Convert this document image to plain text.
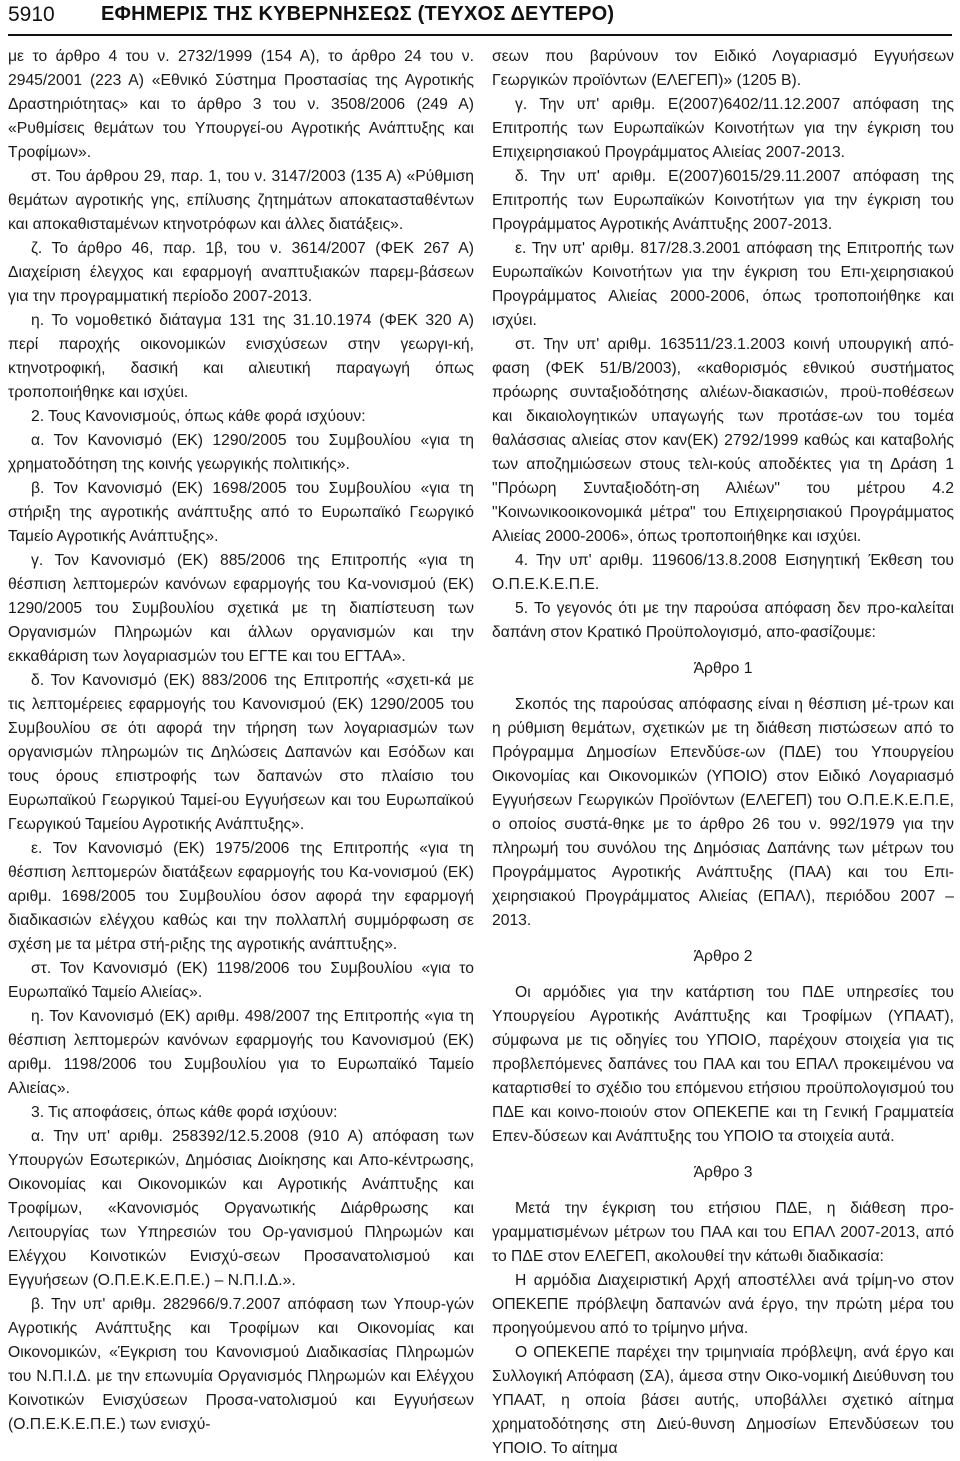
5910 ΕΦΗΜΕΡΙΣ ΤΗΣ ΚΥΒΕΡΝΗΣΕΩΣ (ΤΕΥΧΟΣ ΔΕΥΤΕΡΟ)

με το άρθρο 4 του ν. 2732/1999 (154 Α), το άρθρο 24 του ν. 2945/2001 (223 Α) «Εθνικό Σύστημα Προστασίας της Αγροτικής Δραστηριότητας» και το άρθρο 3 του ν. 3508/2006 (249 Α) «Ρυθμίσεις θεμάτων του Υπουργεί-ου Αγροτικής Ανάπτυξης και Τροφίμων».

στ. Του άρθρου 29, παρ. 1, του ν. 3147/2003 (135 Α) «Ρύθμιση θεμάτων αγροτικής γης, επίλυσης ζητημάτων αποκατασταθέντων και αποκαθισταμένων κτηνοτρόφων και άλλες διατάξεις».

ζ. Το άρθρο 46, παρ. 1β, του ν. 3614/2007 (ΦΕΚ 267 Α) Διαχείριση έλεγχος και εφαρμογή αναπτυξιακών παρεμ-βάσεων για την προγραμματική περίοδο 2007-2013.

η. Το νομοθετικό διάταγμα 131 της 31.10.1974 (ΦΕΚ 320 Α) περί παροχής οικονομικών ενισχύσεων στην γεωργι-κή, κτηνοτροφική, δασική και αλιευτική παραγωγή όπως τροποποιήθηκε και ισχύει.

2. Τους Κανονισμούς, όπως κάθε φορά ισχύουν:

α. Τον Κανονισμό (ΕΚ) 1290/2005 του Συμβουλίου «για τη χρηματοδότηση της κοινής γεωργικής πολιτικής».

β. Τον Κανονισμό (ΕΚ) 1698/2005 του Συμβουλίου «για τη στήριξη της αγροτικής ανάπτυξης από το Ευρωπαϊκό Γεωργικό Ταμείο Αγροτικής Ανάπτυξης».

γ. Τον Κανονισμό (ΕΚ) 885/2006 της Επιτροπής «για τη θέσπιση λεπτομερών κανόνων εφαρμογής του Κα-νονισμού (ΕΚ) 1290/2005 του Συμβουλίου σχετικά με τη διαπίστευση των Οργανισμών Πληρωμών και άλλων οργανισμών και την εκκαθάριση των λογαριασμών του ΕΓΤΕ και του ΕΓΤΑΑ».

δ. Τον Κανονισμό (ΕΚ) 883/2006 της Επιτροπής «σχετι-κά με τις λεπτομέρειες εφαρμογής του Κανονισμού (ΕΚ) 1290/2005 του Συμβουλίου σε ότι αφορά την τήρηση των λογαριασμών των οργανισμών πληρωμών τις Δηλώσεις Δαπανών και Εσόδων και τους όρους επιστροφής των δαπανών στο πλαίσιο του Ευρωπαϊκού Γεωργικού Ταμεί-ου Εγγυήσεων και του Ευρωπαϊκού Γεωργικού Ταμείου Αγροτικής Ανάπτυξης».

ε. Τον Κανονισμό (ΕΚ) 1975/2006 της Επιτροπής «για τη θέσπιση λεπτομερών διατάξεων εφαρμογής του Κα-νονισμού (ΕΚ) αριθμ. 1698/2005 του Συμβουλίου όσον αφορά την εφαρμογή διαδικασιών ελέγχου καθώς και την πολλαπλή συμμόρφωση σε σχέση με τα μέτρα στή-ριξης της αγροτικής ανάπτυξης».

στ. Τον Κανονισμό (ΕΚ) 1198/2006 του Συμβουλίου «για το Ευρωπαϊκό Ταμείο Αλιείας».

η. Τον Κανονισμό (ΕΚ) αριθμ. 498/2007 της Επιτροπής «για τη θέσπιση λεπτομερών κανόνων εφαρμογής του Κανονισμού (ΕΚ) αριθμ. 1198/2006 του Συμβουλίου για το Ευρωπαϊκό Ταμείο Αλιείας».

3. Τις αποφάσεις, όπως κάθε φορά ισχύουν:

α. Την υπ' αριθμ. 258392/12.5.2008 (910 Α) απόφαση των Υπουργών Εσωτερικών, Δημόσιας Διοίκησης και Απο-κέντρωσης, Οικονομίας και Οικονομικών και Αγροτικής Ανάπτυξης και Τροφίμων, «Κανονισμός Οργανωτικής Διάρθρωσης και Λειτουργίας των Υπηρεσιών του Ορ-γανισμού Πληρωμών και Ελέγχου Κοινοτικών Ενισχύ-σεων Προσανατολισμού και Εγγυήσεων (Ο.Π.Ε.Κ.Ε.Π.Ε.) – Ν.Π.Ι.Δ.».

β. Την υπ' αριθμ. 282966/9.7.2007 απόφαση των Υπουρ-γών Αγροτικής Ανάπτυξης και Τροφίμων και Οικονομίας και Οικονομικών, «Έγκριση του Κανονισμού Διαδικασίας Πληρωμών του Ν.Π.Ι.Δ. με την επωνυμία Οργανισμός Πληρωμών και Ελέγχου Κοινοτικών Ενισχύσεων Προσα-νατολισμού και Εγγυήσεων (Ο.Π.Ε.Κ.Ε.Π.Ε.) των ενισχύ-

σεων που βαρύνουν τον Ειδικό Λογαριασμό Εγγυήσεων Γεωργικών προϊόντων (ΕΛΕΓΕΠ)» (1205 Β).

γ. Την υπ' αριθμ. Ε(2007)6402/11.12.2007 απόφαση της Επιτροπής των Ευρωπαϊκών Κοινοτήτων για την έγκριση του Επιχειρησιακού Προγράμματος Αλιείας 2007-2013.

δ. Την υπ' αριθμ. Ε(2007)6015/29.11.2007 απόφαση της Επιτροπής των Ευρωπαϊκών Κοινοτήτων για την έγκριση του Προγράμματος Αγροτικής Ανάπτυξης 2007-2013.

ε. Την υπ' αριθμ. 817/28.3.2001 απόφαση της Επιτροπής των Ευρωπαϊκών Κοινοτήτων για την έγκριση του Επι-χειρησιακού Προγράμματος Αλιείας 2000-2006, όπως τροποποιήθηκε και ισχύει.

στ. Την υπ' αριθμ. 163511/23.1.2003 κοινή υπουργική από-φαση (ΦΕΚ 51/Β/2003), «καθορισμός εθνικού συστήματος πρόωρης συνταξιοδότησης αλιέων-διακασιών, προϋ-ποθέσεων και δικαιολογητικών υπαγωγής των προτάσε-ων του τομέα θαλάσσιας αλιείας στον καν(ΕΚ) 2792/1999 καθώς και καταβολής των αποζημιώσεων στους τελι-κούς αποδέκτες για τη Δράση 1 "Πρόωρη Συνταξιοδότη-ση Αλιέων" του μέτρου 4.2 "Κοινωνικοοικονομικά μέτρα" του Επιχειρησιακού Προγράμματος Αλιείας 2000-2006», όπως τροποποιήθηκε και ισχύει.

4. Την υπ' αριθμ. 119606/13.8.2008 Εισηγητική Έκθεση του Ο.Π.Ε.Κ.Ε.Π.Ε.

5. Το γεγονός ότι με την παρούσα απόφαση δεν προ-καλείται δαπάνη στον Κρατικό Προϋπολογισμό, απο-φασίζουμε:

Άρθρο 1

Σκοπός της παρούσας απόφασης είναι η θέσπιση μέ-τρων και η ρύθμιση θεμάτων, σχετικών με τη διάθεση πιστώσεων από το Πρόγραμμα Δημοσίων Επενδύσε-ων (ΠΔΕ) του Υπουργείου Οικονομίας και Οικονομικών (ΥΠΟΙΟ) στον Ειδικό Λογαριασμό Εγγυήσεων Γεωργικών Προϊόντων (ΕΛΕΓΕΠ) του Ο.Π.Ε.Κ.Ε.Π.Ε, ο οποίος συστά-θηκε με το άρθρο 26 του ν. 992/1979 για την πληρωμή του συνόλου της Δημόσιας Δαπάνης των μέτρων του Προγράμματος Αγροτικής Ανάπτυξης (ΠΑΑ) και του Επι-χειρησιακού Προγράμματος Αλιείας (ΕΠΑΛ), περιόδου 2007 – 2013.

Άρθρο 2

Οι αρμόδιες για την κατάρτιση του ΠΔΕ υπηρεσίες του Υπουργείου Αγροτικής Ανάπτυξης και Τροφίμων (ΥΠΑΑΤ), σύμφωνα με τις οδηγίες του ΥΠΟΙΟ, παρέχουν στοιχεία για τις προβλεπόμενες δαπάνες του ΠΑΑ και του ΕΠΑΛ προκειμένου να καταρτισθεί το σχέδιο του επόμενου ετήσιου προϋπολογισμού του ΠΔΕ και κοινο-ποιούν στον ΟΠΕΚΕΠΕ και τη Γενική Γραμματεία Επεν-δύσεων και Ανάπτυξης του ΥΠΟΙΟ τα στοιχεία αυτά.

Άρθρο 3

Μετά την έγκριση του ετήσιου ΠΔΕ, η διάθεση προ-γραμματισμένων μέτρων του ΠΑΑ και του ΕΠΑΛ 2007-2013, από το ΠΔΕ στον ΕΛΕΓΕΠ, ακολουθεί την κάτωθι διαδικασία:

Η αρμόδια Διαχειριστική Αρχή αποστέλλει ανά τρίμη-νο στον ΟΠΕΚΕΠΕ πρόβλεψη δαπανών ανά έργο, την πρώτη μέρα του προηγούμενου από το τρίμηνο μήνα.

Ο ΟΠΕΚΕΠΕ παρέχει την τριμηνιαία πρόβλεψη, ανά έργο και Συλλογική Απόφαση (ΣΑ), άμεσα στην Οικο-νομική Διεύθυνση του ΥΠΑΑΤ, η οποία βάσει αυτής, υποβάλλει σχετικό αίτημα χρηματοδότησης στη Διεύ-θυνση Δημοσίων Επενδύσεων του ΥΠΟΙΟ. Το αίτημα
